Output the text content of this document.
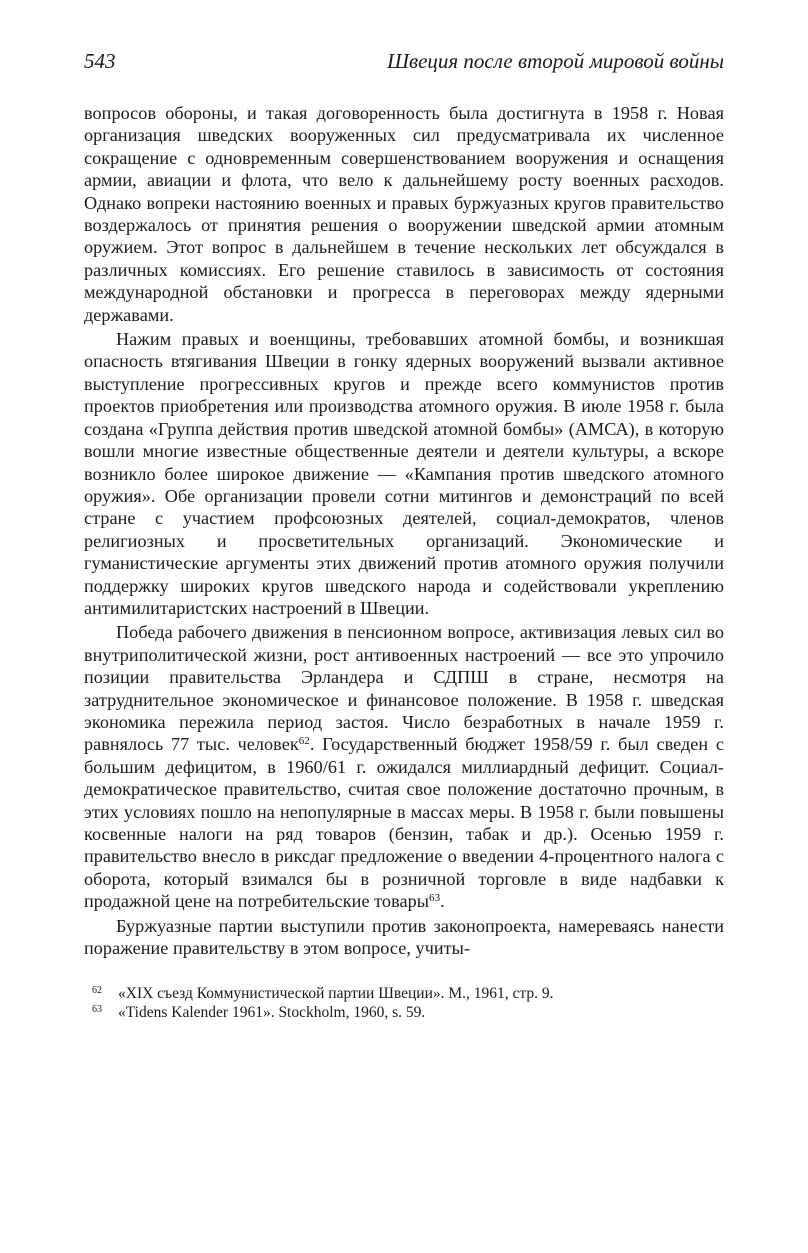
543	Швеция после второй мировой войны

вопросов обороны, и такая договоренность была достигнута в 1958 г. Новая организация шведских вооруженных сил предусматривала их численное сокращение с одновременным совершенствованием вооружения и оснащения армии, авиации и флота, что вело к дальнейшему росту военных расходов. Однако вопреки настоянию военных и правых буржуазных кругов правительство воздержалось от принятия решения о вооружении шведской армии атомным оружием. Этот вопрос в дальнейшем в течение нескольких лет обсуждался в различных комиссиях. Его решение ставилось в зависимость от состояния международной обстановки и прогресса в переговорах между ядерными державами.

Нажим правых и военщины, требовавших атомной бомбы, и возникшая опасность втягивания Швеции в гонку ядерных вооружений вызвали активное выступление прогрессивных кругов и прежде всего коммунистов против проектов приобретения или производства атомного оружия. В июле 1958 г. была создана «Группа действия против шведской атомной бомбы» (АМСА), в которую вошли многие известные общественные деятели и деятели культуры, а вскоре возникло более широкое движение — «Кампания против шведского атомного оружия». Обе организации провели сотни митингов и демонстраций по всей стране с участием профсоюзных деятелей, социал-демократов, членов религиозных и просветительных организаций. Экономические и гуманистические аргументы этих движений против атомного оружия получили поддержку широких кругов шведского народа и содействовали укреплению антимилитаристских настроений в Швеции.

Победа рабочего движения в пенсионном вопросе, активизация левых сил во внутриполитической жизни, рост антивоенных настроений — все это упрочило позиции правительства Эрландера и СДПШ в стране, несмотря на затруднительное экономическое и финансовое положение. В 1958 г. шведская экономика пережила период застоя. Число безработных в начале 1959 г. равнялось 77 тыс. человек$^{62}$. Государственный бюджет 1958/59 г. был сведен с большим дефицитом, в 1960/61 г. ожидался миллиардный дефицит. Социал-демократическое правительство, считая свое положение достаточно прочным, в этих условиях пошло на непопулярные в массах меры. В 1958 г. были повышены косвенные налоги на ряд товаров (бензин, табак и др.). Осенью 1959 г. правительство внесло в риксдаг предложение о введении 4-процентного налога с оборота, который взимался бы в розничной торговле в виде надбавки к продажной цене на потребительские товары$^{63}$.

Буржуазные партии выступили против законопроекта, намереваясь нанести поражение правительству в этом вопросе, учиты-

62	«XIX съезд Коммунистической партии Швеции». М., 1961, стр. 9.
63	«Tidens Kalender 1961». Stockholm, 1960, s. 59.
